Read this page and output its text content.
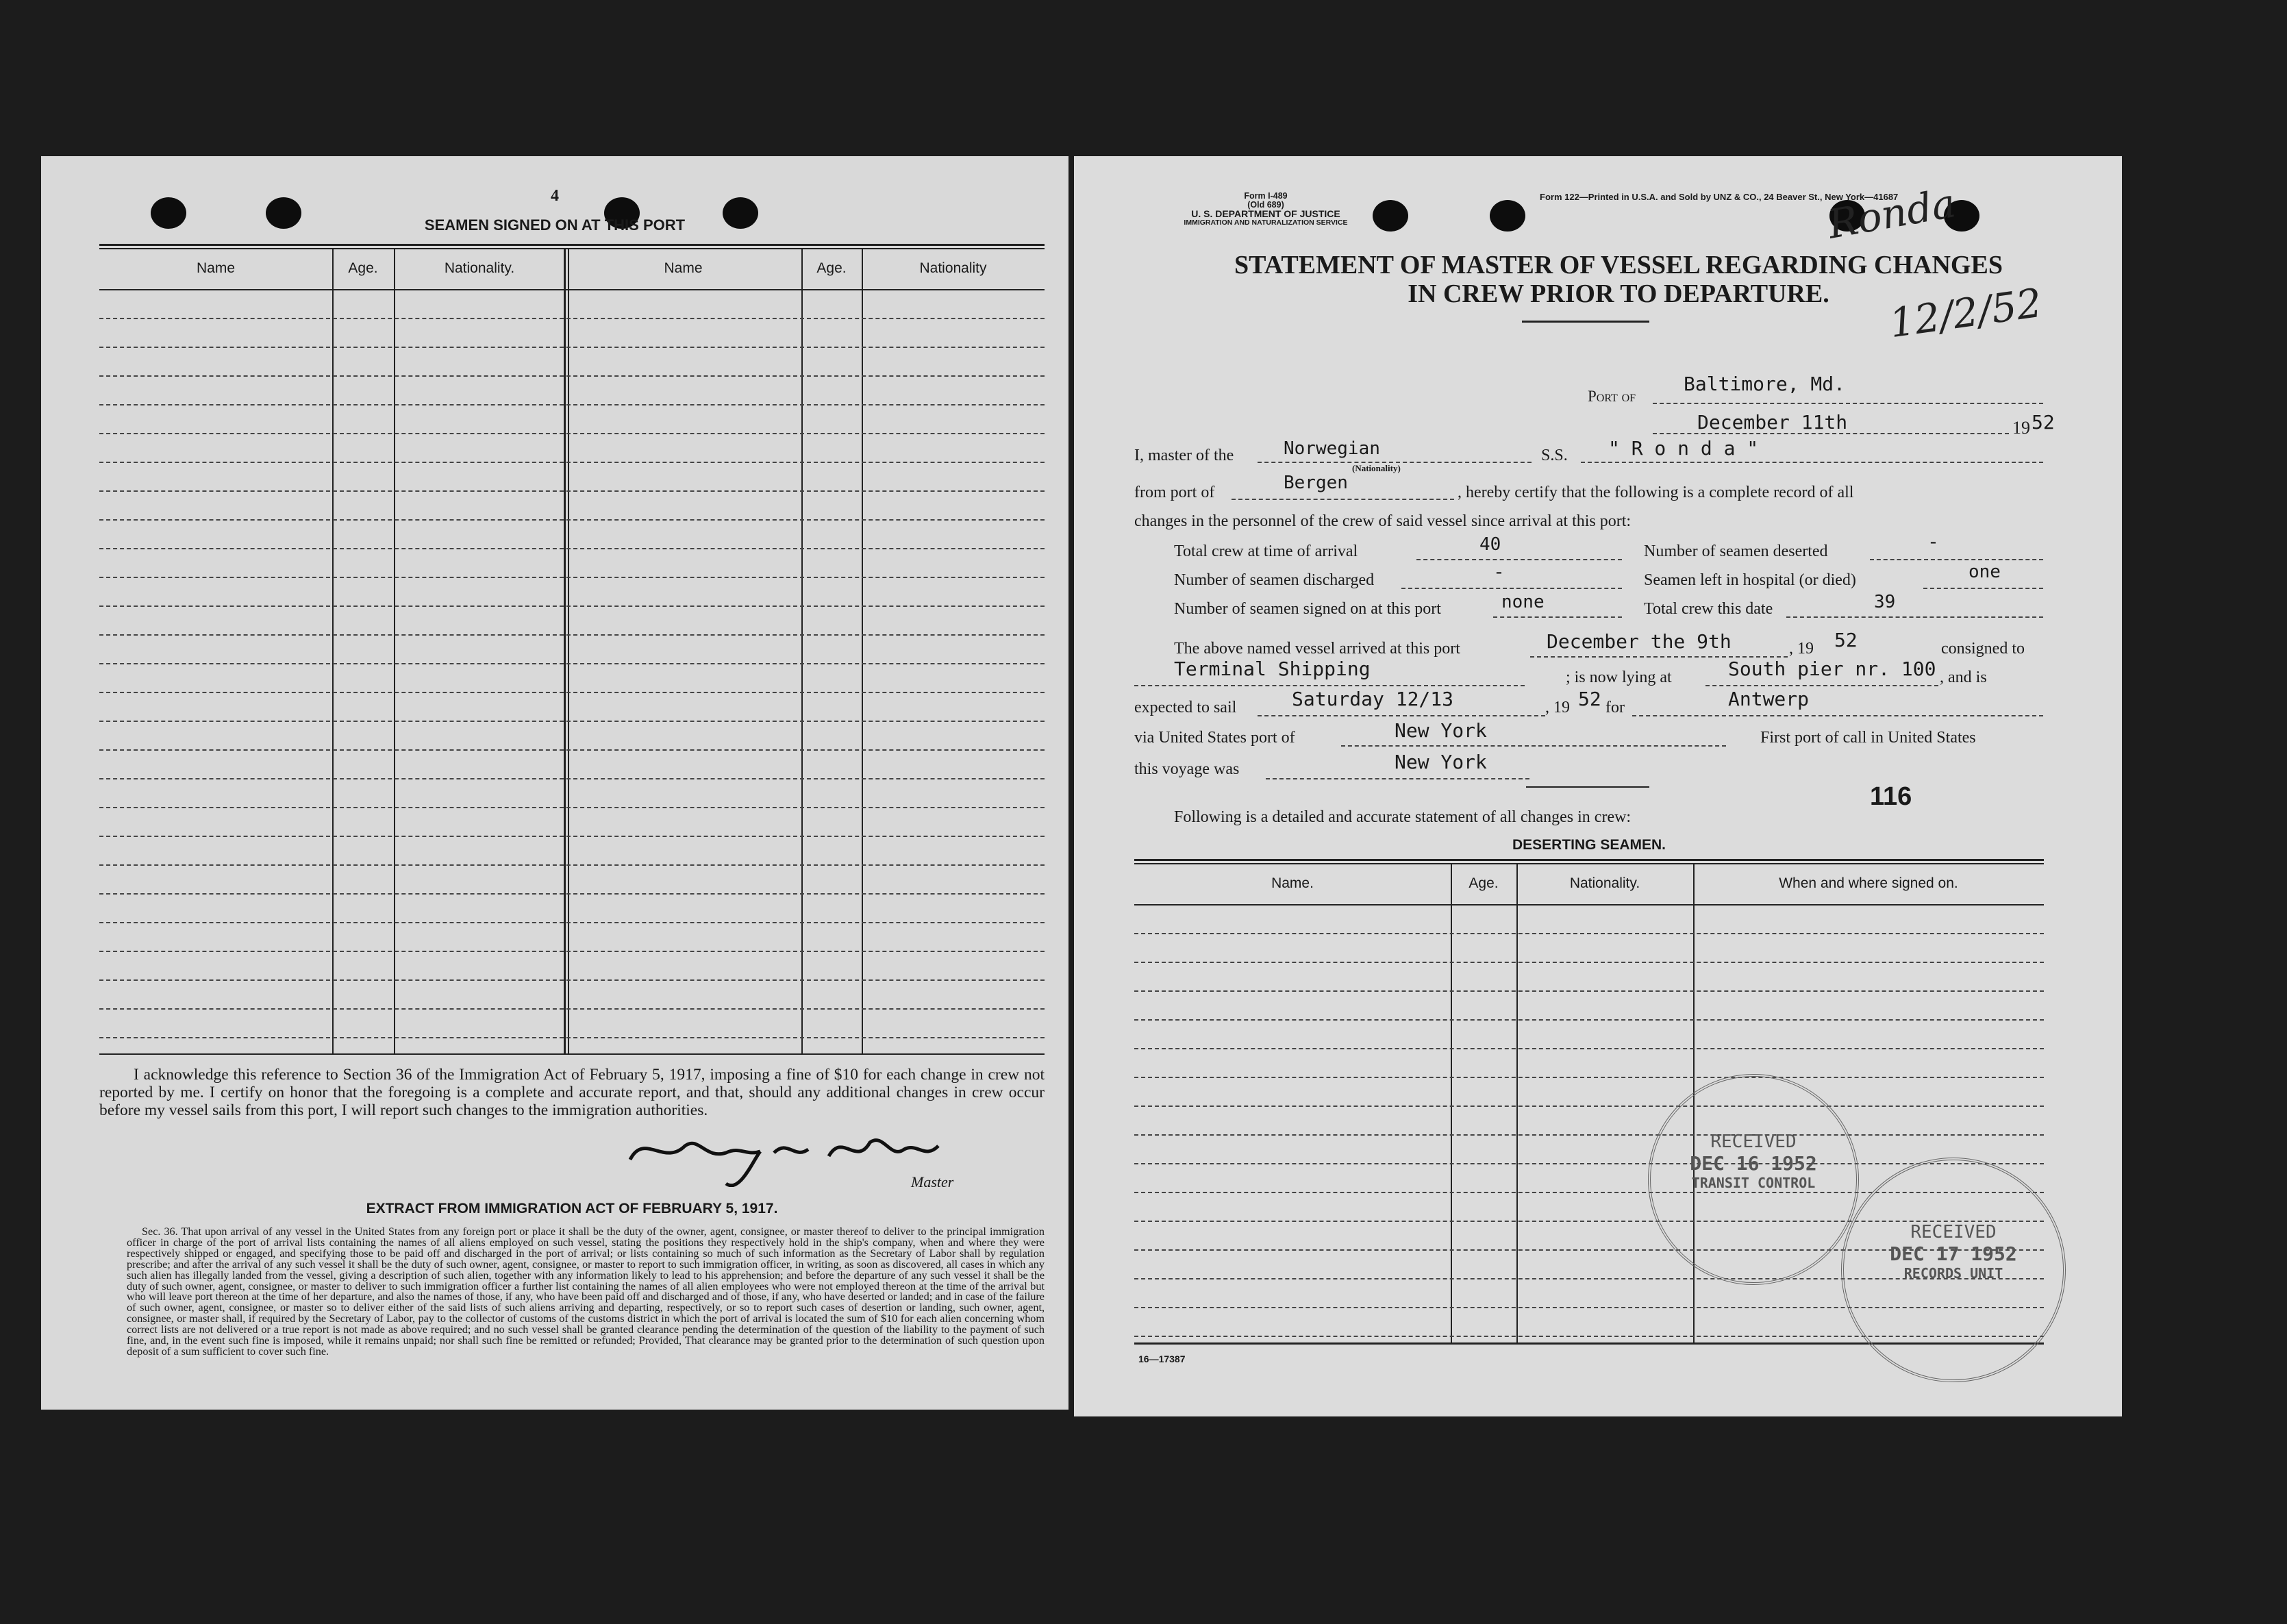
4
SEAMEN SIGNED ON AT THIS PORT
Name	Age.	Nationality.	Name	Age.	Nationality
I acknowledge this reference to Section 36 of the Immigration Act of February 5, 1917, imposing a fine of $10 for each change in crew not reported by me. I certify on honor that the foregoing is a complete and accurate report, and that, should any additional changes in crew occur before my vessel sails from this port, I will report such changes to the immigration authorities.
Master
EXTRACT FROM IMMIGRATION ACT OF FEBRUARY 5, 1917.
Sec. 36. That upon arrival of any vessel in the United States from any foreign port or place it shall be the duty of the owner, agent, consignee, or master thereof to deliver to the principal immigration officer in charge of the port of arrival lists containing the names of all aliens employed on such vessel, stating the positions they respectively hold in the ship's company, when and where they were respectively shipped or engaged, and specifying those to be paid off and discharged in the port of arrival; or lists containing so much of such information as the Secretary of Labor shall by regulation prescribe; and after the arrival of any such vessel it shall be the duty of such owner, agent, consignee, or master to report to such immigration officer, in writing, as soon as discovered, all cases in which any such alien has illegally landed from the vessel, giving a description of such alien, together with any information likely to lead to his apprehension; and before the departure of any such vessel it shall be the duty of such owner, agent, consignee, or master to deliver to such immigration officer a further list containing the names of all alien employees who were not employed thereon at the time of the arrival but who will leave port thereon at the time of her departure, and also the names of those, if any, who have been paid off and discharged and of those, if any, who have deserted or landed; and in case of the failure of such owner, agent, consignee, or master so to deliver either of the said lists of such aliens arriving and departing, respectively, or so to report such cases of desertion or landing, such owner, agent, consignee, or master shall, if required by the Secretary of Labor, pay to the collector of customs of the customs district in which the port of arrival is located the sum of $10 for each alien concerning whom correct lists are not delivered or a true report is not made as above required; and no such vessel shall be granted clearance pending the determination of the question of the liability to the payment of such fine, and, in the event such fine is imposed, while it remains unpaid; nor shall such fine be remitted or refunded; Provided, That clearance may be granted prior to the determination of such question upon deposit of a sum sufficient to cover such fine.
Form I-489
(Old 689)
U. S. DEPARTMENT OF JUSTICE
IMMIGRATION AND NATURALIZATION SERVICE
Form 122—Printed in U.S.A. and Sold by UNZ & CO., 24 Beaver St., New York—41687
Ronda
12/2/52
STATEMENT OF MASTER OF VESSEL REGARDING CHANGES
IN CREW PRIOR TO DEPARTURE.
Port of
Baltimore, Md.
December 11th	19 52
I, master of the	Norwegian
(Nationality)
S.S. " R o n d a "
from port of	Bergen	, hereby certify that the following is a complete record of all
changes in the personnel of the crew of said vessel since arrival at this port:
Total crew at time of arrival	40	Number of seamen deserted	-
Number of seamen discharged	-	Seamen left in hospital (or died)	one
Number of seamen signed on at this port	none	Total crew this date	39
The above named vessel arrived at this port	December the 9th	, 19 52	consigned to
Terminal Shipping	; is now lying at	South pier nr. 100 , and is
expected to sail	Saturday 12/13	, 19 52 for	Antwerp
via United States port of	New York	First port of call in United States
this voyage was	New York
116
Following is a detailed and accurate statement of all changes in crew:
DESERTING SEAMEN.
Name.	Age.	Nationality.	When and where signed on.
16—17387
RECEIVED
DEC 16 1952
TRANSIT CONTROL
RECEIVED
DEC 17 1952
RECORDS UNIT
